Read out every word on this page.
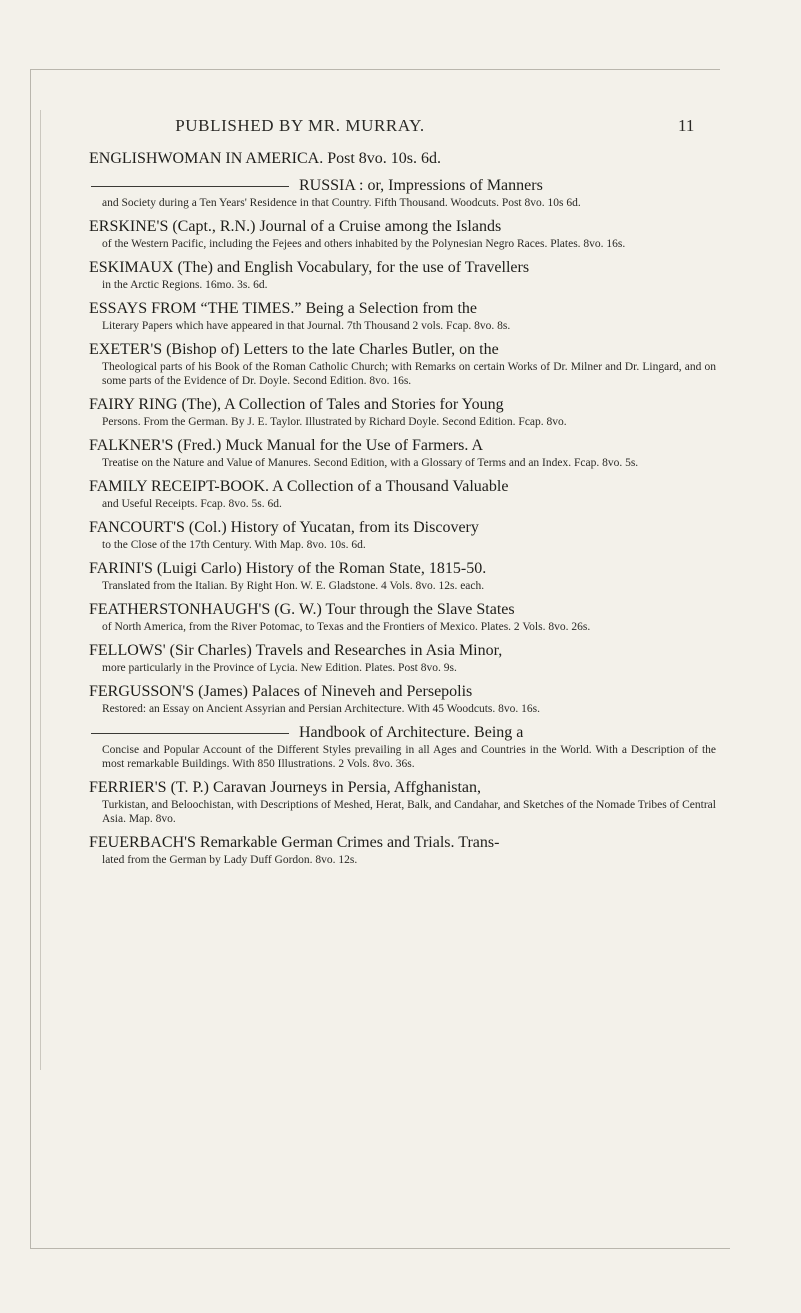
PUBLISHED BY MR. MURRAY.	11
ENGLISHWOMAN IN AMERICA. Post 8vo. 10s. 6d.
RUSSIA : or, Impressions of Manners
and Society during a Ten Years' Residence in that Country. Fifth Thousand. Woodcuts. Post 8vo. 10s 6d.
ERSKINE'S (Capt., R.N.) Journal of a Cruise among the Islands
of the Western Pacific, including the Fejees and others inhabited by the Polynesian Negro Races. Plates. 8vo. 16s.
ESKIMAUX (The) and English Vocabulary, for the use of Travellers
in the Arctic Regions. 16mo. 3s. 6d.
ESSAYS FROM “THE TIMES.” Being a Selection from the
Literary Papers which have appeared in that Journal. 7th Thousand 2 vols. Fcap. 8vo. 8s.
EXETER'S (Bishop of) Letters to the late Charles Butler, on the
Theological parts of his Book of the Roman Catholic Church; with Remarks on certain Works of Dr. Milner and Dr. Lingard, and on some parts of the Evidence of Dr. Doyle. Second Edition. 8vo. 16s.
FAIRY RING (The), A Collection of Tales and Stories for Young
Persons. From the German. By J. E. Taylor. Illustrated by Richard Doyle. Second Edition. Fcap. 8vo.
FALKNER'S (Fred.) Muck Manual for the Use of Farmers. A
Treatise on the Nature and Value of Manures. Second Edition, with a Glossary of Terms and an Index. Fcap. 8vo. 5s.
FAMILY RECEIPT-BOOK. A Collection of a Thousand Valuable
and Useful Receipts. Fcap. 8vo. 5s. 6d.
FANCOURT'S (Col.) History of Yucatan, from its Discovery
to the Close of the 17th Century. With Map. 8vo. 10s. 6d.
FARINI'S (Luigi Carlo) History of the Roman State, 1815-50.
Translated from the Italian. By Right Hon. W. E. Gladstone. 4 Vols. 8vo. 12s. each.
FEATHERSTONHAUGH'S (G. W.) Tour through the Slave States
of North America, from the River Potomac, to Texas and the Frontiers of Mexico. Plates. 2 Vols. 8vo. 26s.
FELLOWS' (Sir Charles) Travels and Researches in Asia Minor,
more particularly in the Province of Lycia. New Edition. Plates. Post 8vo. 9s.
FERGUSSON'S (James) Palaces of Nineveh and Persepolis
Restored: an Essay on Ancient Assyrian and Persian Architecture. With 45 Woodcuts. 8vo. 16s.
Handbook of Architecture. Being a
Concise and Popular Account of the Different Styles prevailing in all Ages and Countries in the World. With a Description of the most remarkable Buildings. With 850 Illustrations. 2 Vols. 8vo. 36s.
FERRIER'S (T. P.) Caravan Journeys in Persia, Affghanistan,
Turkistan, and Beloochistan, with Descriptions of Meshed, Herat, Balk, and Candahar, and Sketches of the Nomade Tribes of Central Asia. Map. 8vo.
FEUERBACH'S Remarkable German Crimes and Trials. Trans-
lated from the German by Lady Duff Gordon. 8vo. 12s.
